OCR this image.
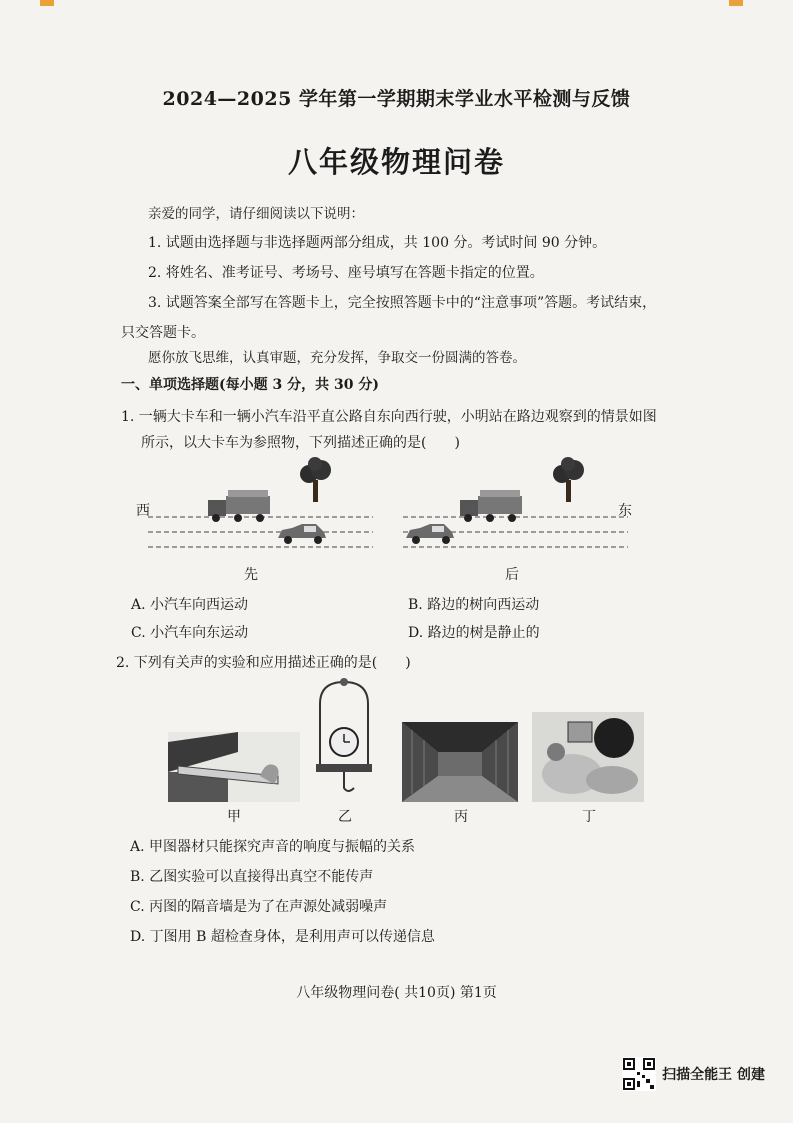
2024—2025 学年第一学期期末学业水平检测与反馈
八年级物理问卷
亲爱的同学，请仔细阅读以下说明：
1. 试题由选择题与非选择题两部分组成，共 100 分。考试时间 90 分钟。
2. 将姓名、准考证号、考场号、座号填写在答题卡指定的位置。
3. 试题答案全部写在答题卡上，完全按照答题卡中的“注意事项”答题。考试结束，
只交答题卡。
愿你放飞思维，认真审题，充分发挥，争取交一份圆满的答卷。
一、单项选择题(每小题 3 分，共 30 分)
1. 一辆大卡车和一辆小汽车沿平直公路自东向西行驶，小明站在路边观察到的情景如图
所示，以大卡车为参照物，下列描述正确的是(　　)
西	东
先	后
A. 小汽车向西运动	B. 路边的树向西运动
C. 小汽车向东运动	D. 路边的树是静止的
2. 下列有关声的实验和应用描述正确的是(　　)
甲	乙	丙	丁
A. 甲图器材只能探究声音的响度与振幅的关系
B. 乙图实验可以直接得出真空不能传声
C. 丙图的隔音墙是为了在声源处减弱噪声
D. 丁图用 B 超检查身体，是利用声可以传递信息
八年级物理问卷( 共10页) 第1页
扫描全能王 创建
